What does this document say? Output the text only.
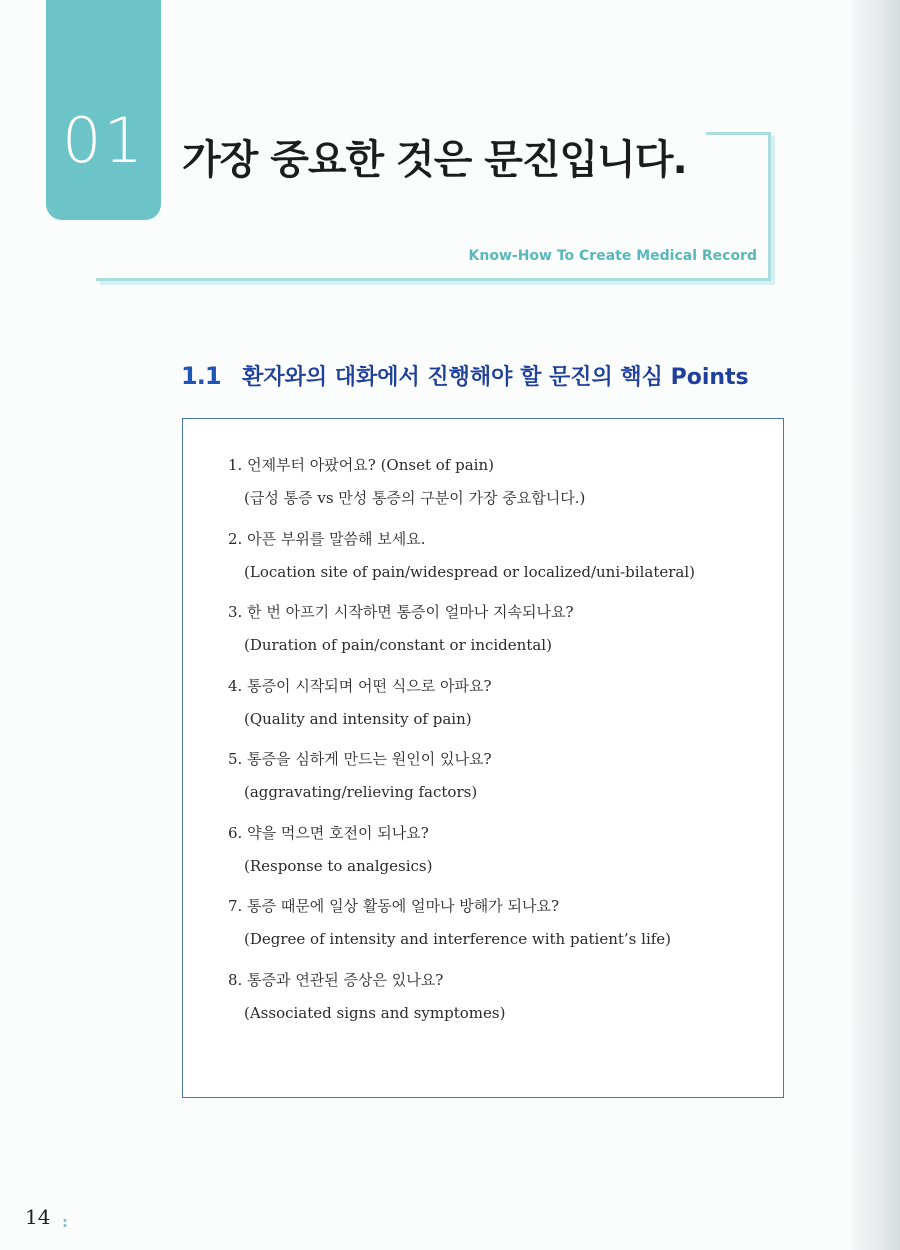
01 가장 중요한 것은 문진입니다.
Know-How To Create Medical Record
1.1 환자와의 대화에서 진행해야 할 문진의 핵심 Points
1. 언제부터 아팠어요? (Onset of pain)
(급성 통증 vs 만성 통증의 구분이 가장 중요합니다.)
2. 아픈 부위를 말씀해 보세요.
(Location site of pain/widespread or localized/uni-bilateral)
3. 한 번 아프기 시작하면 통증이 얼마나 지속되나요?
(Duration of pain/constant or incidental)
4. 통증이 시작되며 어떤 식으로 아파요?
(Quality and intensity of pain)
5. 통증을 심하게 만드는 원인이 있나요?
(aggravating/relieving factors)
6. 약을 먹으면 호전이 되나요?
(Response to analgesics)
7. 통증 때문에 일상 활동에 얼마나 방해가 되나요?
(Degree of intensity and interference with patient’s life)
8. 통증과 연관된 증상은 있나요?
(Associated signs and symptomes)
14 :
